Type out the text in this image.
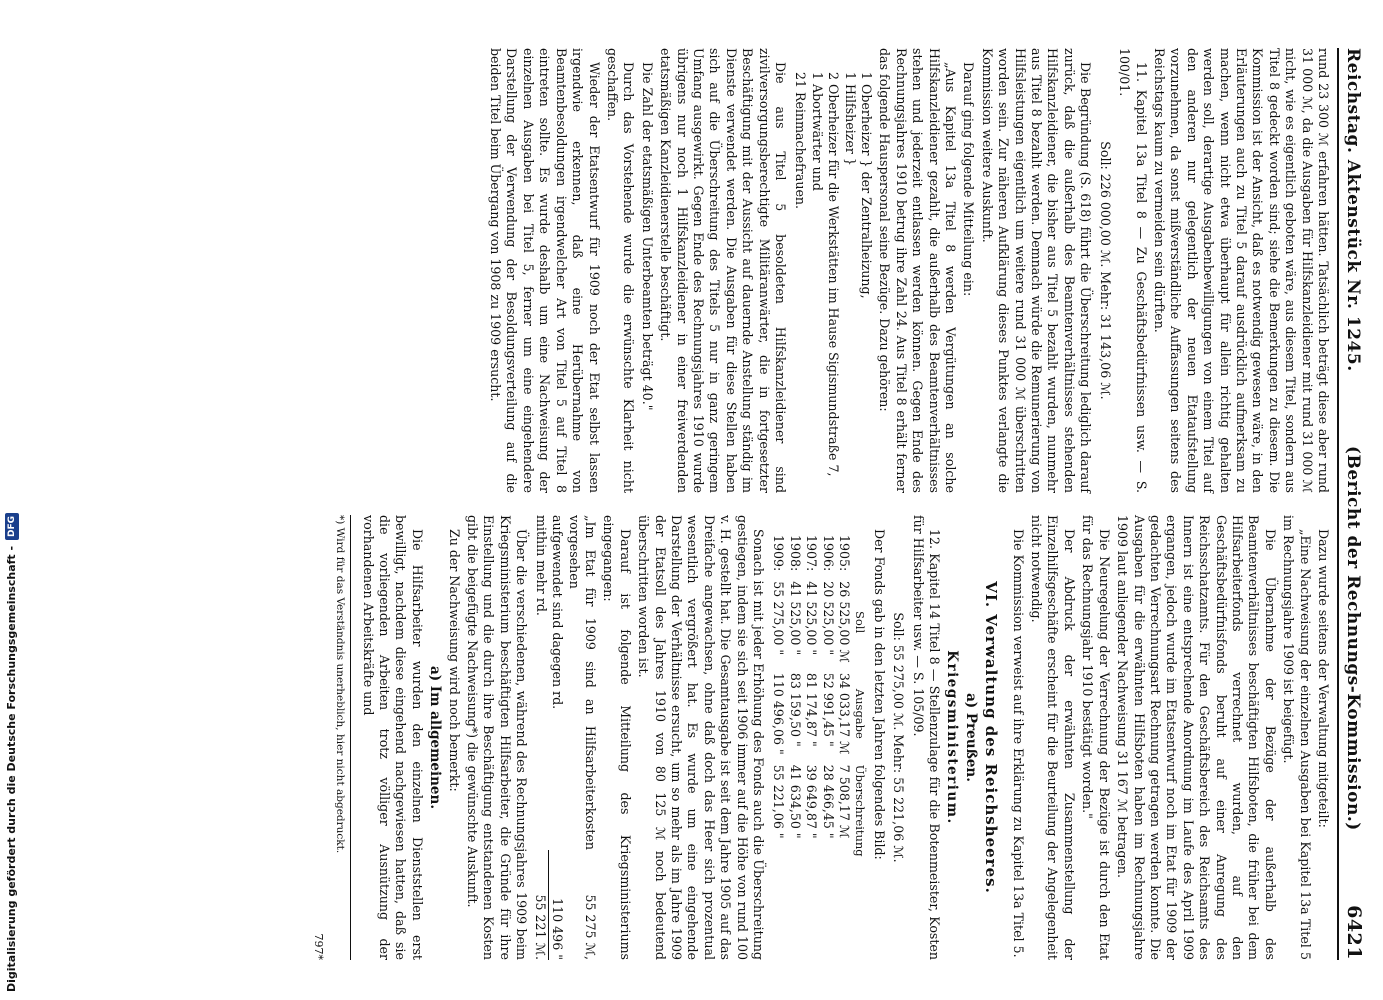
Digitalisierung gefördert durch die Deutsche Forschungsgemeinschaft -
DFG
Reichstag. Aktenstück Nr. 1245.
(Bericht der Rechnungs-Kommission.)
6421

rund 23 300 ℳ erfahren hätten. Tatsächlich beträgt diese aber rund 31 000 ℳ, da die Ausgaben für Hilfskanzleidiener mit rund 31 000 ℳ nicht, wie es eigentlich geboten wäre, aus diesem Titel, sondern aus Titel 8 gedeckt worden sind; siehe die Bemerkungen zu diesem. Die Kommission ist der Ansicht, daß es notwendig gewesen wäre, in den Erläuterungen auch zu Titel 5 darauf ausdrücklich aufmerksam zu machen, wenn nicht etwa überhaupt für allein richtig gehalten werden soll, derartige Ausgabenbewilligungen von einem Titel auf den anderen nur gelegentlich der neuen Etataufstellung vorzunehmen, da sonst mißverständliche Auffassungen seitens des Reichstags kaum zu vermeiden sein dürften.

11. Kapitel 13a Titel 8 — Zu Geschäftsbedürfnissen usw. — S. 100/01.

Soll: 226 000,00 ℳ. Mehr: 31 143,06 ℳ.

Die Begründung (S. 618) führt die Überschreitung lediglich darauf zurück, daß die außerhalb des Beamtenverhältnisses stehenden Hilfskanzleidiener, die bisher aus Titel 5 bezahlt wurden, nunmehr aus Titel 8 bezahlt werden. Demnach würde die Remunerierung von Hilfsleistungen eigentlich um weitere rund 31 000 ℳ überschritten worden sein. Zur näheren Aufklärung dieses Punktes verlangte die Kommission weitere Auskunft.

Darauf ging folgende Mitteilung ein:

„Aus Kapitel 13a Titel 8 werden Vergütungen an solche Hilfskanzleidiener gezahlt, die außerhalb des Beamtenverhältnisses stehen und jederzeit entlassen werden können. Gegen Ende des Rechnungsjahres 1910 betrug ihre Zahl 24. Aus Titel 8 erhält ferner das folgende Hauspersonal seine Bezüge. Dazu gehören:

1 Oberheizer } der Zentralheizung,
1 Hilfsheizer }
2 Oberheizer für die Werkstätten im Hause Sigismundstraße 7,
1 Abortwärter und
21 Reinmachefrauen.

Die aus Titel 5 besoldeten Hilfskanzleidiener sind zivilversorgungsberechtigte Militäranwärter, die in fortgesetzter Beschäftigung mit der Aussicht auf dauernde Anstellung ständig im Dienste verwendet werden. Die Ausgaben für diese Stellen haben sich auf die Überschreitung des Titels 5 nur in ganz geringem Umfang ausgewirkt. Gegen Ende des Rechnungsjahres 1910 wurde übrigens nur noch 1 Hilfskanzleidiener in einer freiwerdenden etatsmäßigen Kanzleidienerstelle beschäftigt.

Die Zahl der etatsmäßigen Unterbeamten beträgt 40."

Durch das Vorstehende wurde die erwünschte Klarheit nicht geschaffen.

Wieder der Etatsentwurf für 1909 noch der Etat selbst lassen irgendwie erkennen, daß eine Herübernahme von Beamtenbesoldungen irgendwelcher Art von Titel 5 auf Titel 8 eintreten sollte. Es wurde deshalb um eine Nachweisung der einzelnen Ausgaben bei Titel 5, ferner um eine eingehendere Darstellung der Verwendung der Besoldungsverteilung auf die beiden Titel beim Übergang von 1908 zu 1909 ersucht.

Dazu wurde seitens der Verwaltung mitgeteilt:

„Eine Nachweisung der einzelnen Ausgaben bei Kapitel 13a Titel 5 im Rechnungsjahre 1909 ist beigefügt.

Die Übernahme der Bezüge der außerhalb des Beamtenverhältnisses beschäftigten Hilfsboten, die früher bei dem Hilfsarbeiterfonds verrechnet wurden, auf den Geschäftsbedürfnisfonds beruht auf einer Anregung des Reichsschatzamts. Für den Geschäftsbereich des Reichsamts des Innern ist eine entsprechende Anordnung im Laufe des April 1909 ergangen, jedoch wurde im Etatsentwurf noch im Etat für 1909 der gedachten Verrechnungsart Rechnung getragen werden konnte. Die Ausgaben für die erwähnten Hilfsboten haben im Rechnungsjahre 1909 laut anliegender Nachweisung 31 167 ℳ betragen.

Die Neuregelung der Verrechnung der Bezüge ist durch den Etat für das Rechnungsjahr 1910 bestätigt worden."

Der Abdruck der erwähnten Zusammenstellung der Einzelhilfsgeschäfte erscheint für die Beurteilung der Angelegenheit nicht notwendig.

Die Kommission verweist auf ihre Erklärung zu Kapitel 13a Titel 5.

VI. Verwaltung des Reichsheeres.
a) Preußen.
Kriegsministerium.

12. Kapitel 14 Titel 8 — Stellenzulage für die Botenmeister, Kosten für Hilfsarbeiter usw. — S. 105/09.

Soll: 55 275,00 ℳ. Mehr: 55 221,06 ℳ.

Der Fonds gab in den letzten Jahren folgendes Bild:

	Soll	Ausgabe	Überschreitung
1905:	26 525,00 ℳ	34 033,17 ℳ	7 508,17 ℳ
1906:	20 525,00 "	52 991,45 "	28 466,45 "
1907:	41 525,00 "	81 174,87 "	39 649,87 "
1908:	41 525,00 "	83 159,50 "	41 634,50 "
1909:	55 275,00 "	110 496,06 "	55 221,06 "

Sonach ist mit jeder Erhöhung des Fonds auch die Überschreitung gestiegen, indem sie sich seit 1906 immer auf die Höhe von rund 100 v. H. gestellt hat. Die Gesamtausgabe ist seit dem Jahre 1905 auf das Dreifache angewachsen, ohne daß doch das Heer sich prozentual wesentlich vergrößert hat. Es wurde um eine eingehende Darstellung der Verhältnisse ersucht, um so mehr als im Jahre 1909 der Etatsoll des Jahres 1910 von 80 125 ℳ noch bedeutend überschritten worden ist.

Darauf ist folgende Mitteilung des Kriegsministeriums eingegangen:

„Im Etat für 1909 sind an Hilfsarbeiterkosten vorgesehen
55 275 ℳ,
aufgewendet sind dagegen rd.
110 496 "
mithin mehr rd.
55 221 ℳ.

Über die verschiedenen, während des Rechnungsjahres 1909 beim Kriegsministerium beschäftigten Hilfsarbeiter, die Gründe für ihre Einstellung und die durch ihre Beschäftigung entstandenen Kosten gibt die beigefügte Nachweisung*) die gewünschte Auskunft.

Zu der Nachweisung wird noch bemerkt:

a) Im allgemeinen.

Die Hilfsarbeiter wurden den einzelnen Dienststellen erst bewilligt, nachdem diese eingehend nachgewiesen hatten, daß sie die vorliegenden Arbeiten trotz völliger Ausnützung der vorhandenen Arbeitskräfte und

*) Wird für das Verständnis unerheblich, hier nicht abgedruckt.
797*
